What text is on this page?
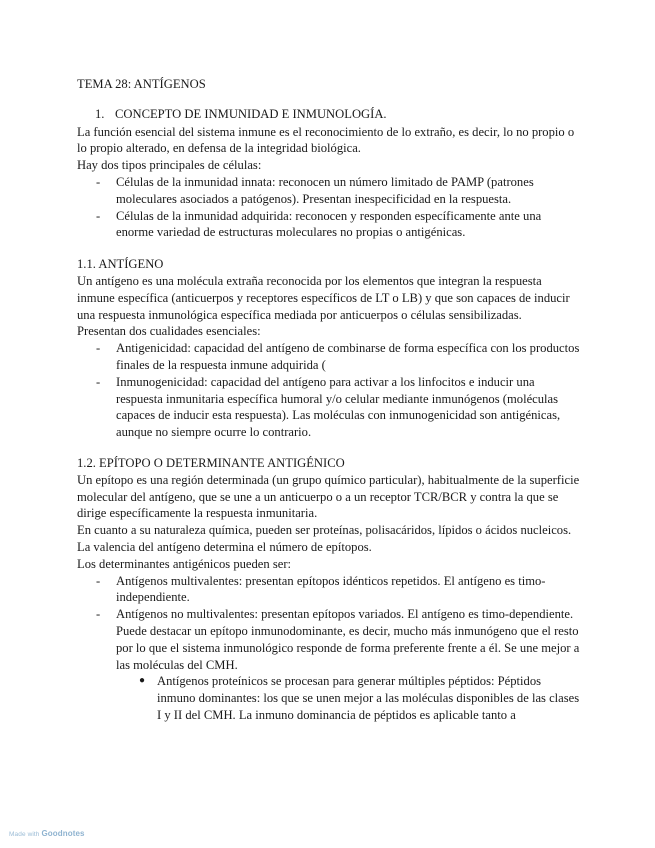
TEMA 28: ANTÍGENOS

1. CONCEPTO DE INMUNIDAD E INMUNOLOGÍA.

La función esencial del sistema inmune es el reconocimiento de lo extraño, es decir, lo no propio o lo propio alterado, en defensa de la integridad biológica.

Hay dos tipos principales de células:

-	Células de la inmunidad innata: reconocen un número limitado de PAMP (patrones moleculares asociados a patógenos). Presentan inespecificidad en la respuesta.
-	Células de la inmunidad adquirida: reconocen y responden específicamente ante una enorme variedad de estructuras moleculares no propias o antigénicas.

1.1. ANTÍGENO

Un antígeno es una molécula extraña reconocida por los elementos que integran la respuesta inmune específica (anticuerpos y receptores específicos de LT o LB) y que son capaces de inducir una respuesta inmunológica específica mediada por anticuerpos o células sensibilizadas.

Presentan dos cualidades esenciales:

-	Antigenicidad: capacidad del antígeno de combinarse de forma específica con los productos finales de la respuesta inmune adquirida (
-	Inmunogenicidad: capacidad del antígeno para activar a los linfocitos e inducir una respuesta inmunitaria específica humoral y/o celular mediante inmunógenos (moléculas capaces de inducir esta respuesta). Las moléculas con inmunogenicidad son antigénicas, aunque no siempre ocurre lo contrario.

1.2. EPÍTOPO O DETERMINANTE ANTIGÉNICO

Un epítopo es una región determinada (un grupo químico particular), habitualmente de la superficie molecular del antígeno, que se une a un anticuerpo o a un receptor TCR/BCR y contra la que se dirige específicamente la respuesta inmunitaria.

En cuanto a su naturaleza química, pueden ser proteínas, polisacáridos, lípidos o ácidos nucleicos. La valencia del antígeno determina el número de epítopos.

Los determinantes antigénicos pueden ser:

-	Antígenos multivalentes: presentan epítopos idénticos repetidos. El antígeno es timo-independiente.
-	Antígenos no multivalentes: presentan epítopos variados. El antígeno es timo-dependiente. Puede destacar un epítopo inmunodominante, es decir, mucho más inmunógeno que el resto por lo que el sistema inmunológico responde de forma preferente frente a él. Se une mejor a las moléculas del CMH.
● Antígenos proteínicos se procesan para generar múltiples péptidos: Péptidos inmuno dominantes: los que se unen mejor a las moléculas disponibles de las clases I y II del CMH. La inmuno dominancia de péptidos es aplicable tanto a
Made with Goodnotes
